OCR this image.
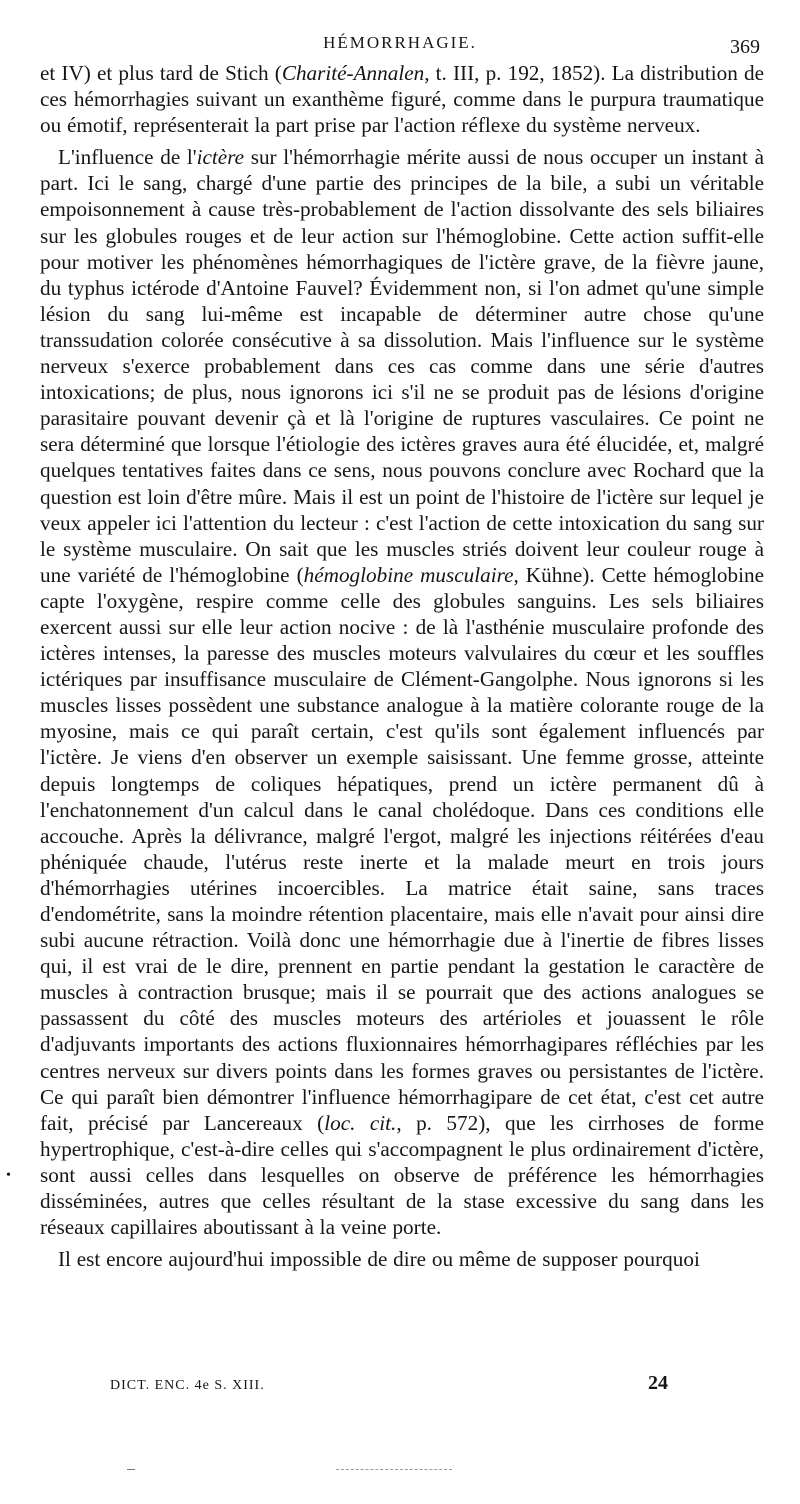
HÉMORRHAGIE.	369

et IV) et plus tard de Stich (Charité-Annalen, t. III, p. 192, 1852). La distribution de ces hémorrhagies suivant un exanthème figuré, comme dans le purpura traumatique ou émotif, représenterait la part prise par l'action réflexe du système nerveux.

L'influence de l'ictère sur l'hémorrhagie mérite aussi de nous occuper un instant à part. Ici le sang, chargé d'une partie des principes de la bile, a subi un véritable empoisonnement à cause très-probablement de l'action dissolvante des sels biliaires sur les globules rouges et de leur action sur l'hémoglobine. Cette action suffit-elle pour motiver les phénomènes hémorrhagiques de l'ictère grave, de la fièvre jaune, du typhus ictérode d'Antoine Fauvel? Évidemment non, si l'on admet qu'une simple lésion du sang lui-même est incapable de déterminer autre chose qu'une transsudation colorée consécutive à sa dissolution. Mais l'influence sur le système nerveux s'exerce probablement dans ces cas comme dans une série d'autres intoxications; de plus, nous ignorons ici s'il ne se produit pas de lésions d'origine parasitaire pouvant devenir çà et là l'origine de ruptures vasculaires. Ce point ne sera déterminé que lorsque l'étiologie des ictères graves aura été élucidée, et, malgré quelques tentatives faites dans ce sens, nous pouvons conclure avec Rochard que la question est loin d'être mûre. Mais il est un point de l'histoire de l'ictère sur lequel je veux appeler ici l'attention du lecteur : c'est l'action de cette intoxication du sang sur le système musculaire. On sait que les muscles striés doivent leur couleur rouge à une variété de l'hémoglobine (hémoglobine musculaire, Kühne). Cette hémoglobine capte l'oxygène, respire comme celle des globules sanguins. Les sels biliaires exercent aussi sur elle leur action nocive : de là l'asthénie musculaire profonde des ictères intenses, la paresse des muscles moteurs valvulaires du cœur et les souffles ictériques par insuffisance musculaire de Clément-Gangolphe. Nous ignorons si les muscles lisses possèdent une substance analogue à la matière colorante rouge de la myosine, mais ce qui paraît certain, c'est qu'ils sont également influencés par l'ictère. Je viens d'en observer un exemple saisissant. Une femme grosse, atteinte depuis longtemps de coliques hépatiques, prend un ictère permanent dû à l'enchatonnement d'un calcul dans le canal cholédoque. Dans ces conditions elle accouche. Après la délivrance, malgré l'ergot, malgré les injections réitérées d'eau phéniquée chaude, l'utérus reste inerte et la malade meurt en trois jours d'hémorrhagies utérines incoercibles. La matrice était saine, sans traces d'endométrite, sans la moindre rétention placentaire, mais elle n'avait pour ainsi dire subi aucune rétraction. Voilà donc une hémorrhagie due à l'inertie de fibres lisses qui, il est vrai de le dire, prennent en partie pendant la gestation le caractère de muscles à contraction brusque; mais il se pourrait que des actions analogues se passassent du côté des muscles moteurs des artérioles et jouassent le rôle d'adjuvants importants des actions fluxionnaires hémorrhagipares réfléchies par les centres nerveux sur divers points dans les formes graves ou persistantes de l'ictère. Ce qui paraît bien démontrer l'influence hémorrhagipare de cet état, c'est cet autre fait, précisé par Lancereaux (loc. cit., p. 572), que les cirrhoses de forme hypertrophique, c'est-à-dire celles qui s'accompagnent le plus ordinairement d'ictère, sont aussi celles dans lesquelles on observe de préférence les hémorrhagies disséminées, autres que celles résultant de la stase excessive du sang dans les réseaux capillaires aboutissant à la veine porte.

Il est encore aujourd'hui impossible de dire ou même de supposer pourquoi

•
DICT. ENC. 4e S. XIII.	24
